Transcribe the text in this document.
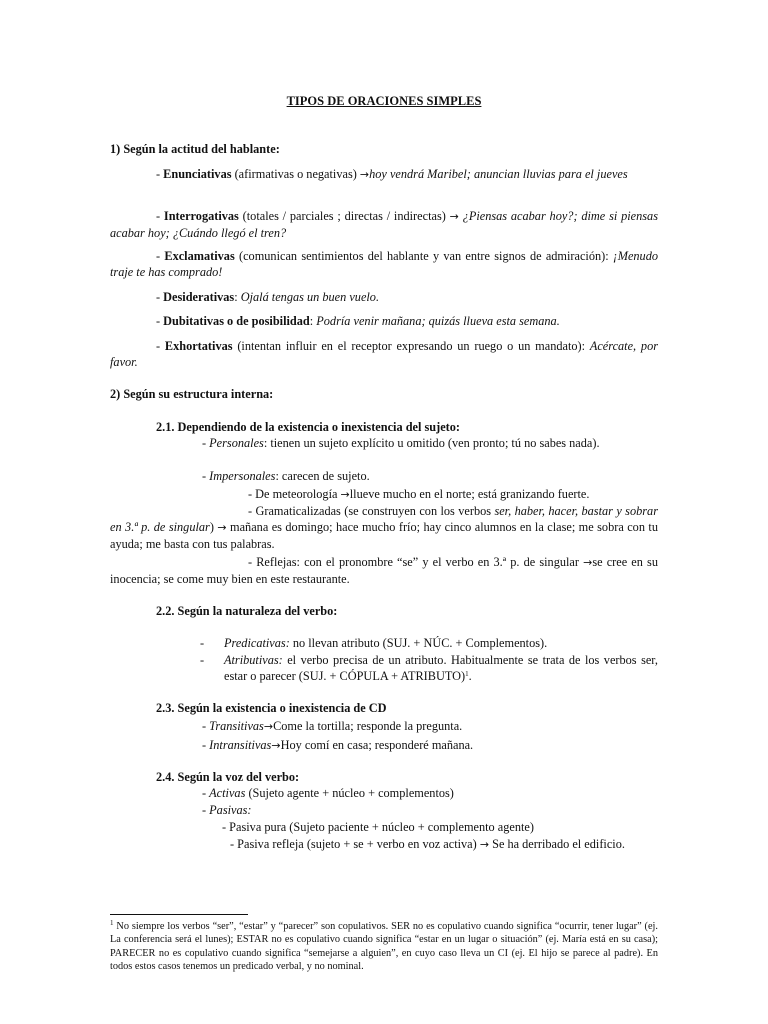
TIPOS DE ORACIONES SIMPLES
1) Según la actitud del hablante:
- Enunciativas (afirmativas o negativas) →hoy vendrá Maribel; anuncian lluvias para el jueves
- Interrogativas (totales / parciales ; directas / indirectas) → ¿Piensas acabar hoy?; dime si piensas acabar hoy; ¿Cuándo llegó el tren?
- Exclamativas (comunican sentimientos del hablante y van entre signos de admiración): ¡Menudo traje te has comprado!
- Desiderativas: Ojalá tengas un buen vuelo.
- Dubitativas o de posibilidad: Podría venir mañana; quizás llueva esta semana.
- Exhortativas (intentan influir en el receptor expresando un ruego o un mandato): Acércate, por favor.
2) Según su estructura interna:
2.1. Dependiendo de la existencia o inexistencia del sujeto:
- Personales: tienen un sujeto explícito u omitido (ven pronto; tú no sabes nada).
- Impersonales: carecen de sujeto.
- De meteorología →llueve mucho en el norte; está granizando fuerte.
- Gramaticalizadas (se construyen con los verbos ser, haber, hacer, bastar y sobrar en 3.ª p. de singular) → mañana es domingo; hace mucho frío; hay cinco alumnos en la clase; me sobra con tu ayuda; me basta con tus palabras.
- Reflejas: con el pronombre “se” y el verbo en 3.ª p. de singular →se cree en su inocencia; se come muy bien en este restaurante.
2.2. Según la naturaleza del verbo:
- Predicativas: no llevan atributo (SUJ. + NÚC. + Complementos).
- Atributivas: el verbo precisa de un atributo. Habitualmente se trata de los verbos ser, estar o parecer (SUJ. + CÓPULA + ATRIBUTO)$^1$.
2.3. Según la existencia o inexistencia de CD
- Transitivas→Come la tortilla; responde la pregunta.
- Intransitivas→Hoy comí en casa; responderé mañana.
2.4. Según la voz del verbo:
- Activas (Sujeto agente + núcleo + complementos)
- Pasivas:
- Pasiva pura (Sujeto paciente + núcleo + complemento agente)
- Pasiva refleja (sujeto + se + verbo en voz activa) → Se ha derribado el edificio.
$^1$ No siempre los verbos “ser”, “estar” y “parecer” son copulativos. SER no es copulativo cuando significa “ocurrir, tener lugar” (ej. La conferencia será el lunes); ESTAR no es copulativo cuando significa “estar en un lugar o situación” (ej. María está en su casa); PARECER no es copulativo cuando significa “semejarse a alguien”, en cuyo caso lleva un CI (ej. El hijo se parece al padre). En todos estos casos tenemos un predicado verbal, y no nominal.
